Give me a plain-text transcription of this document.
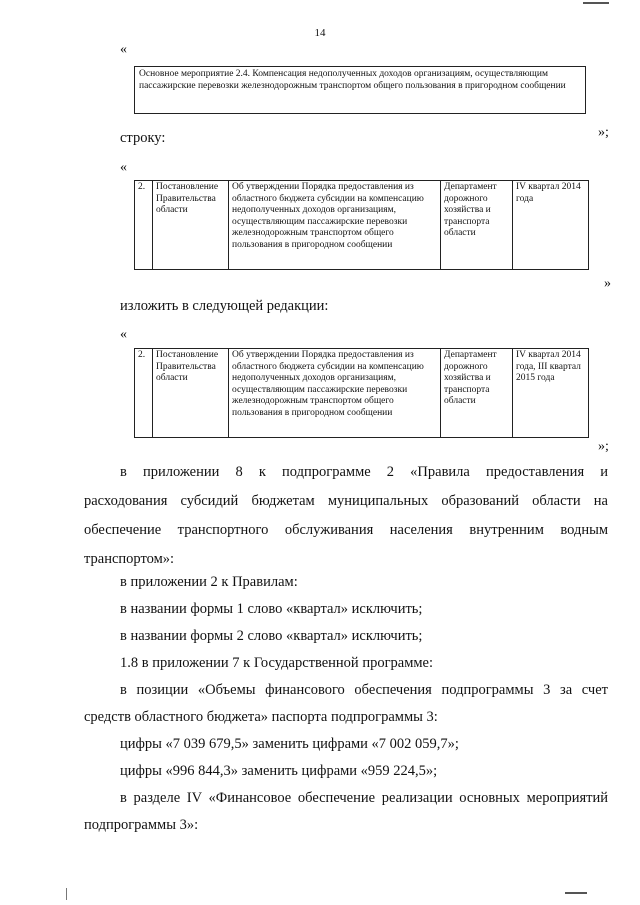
14
«
Основное мероприятие 2.4. Компенсация недополученных доходов организациям, осуществляющим пассажирские перевозки железнодорожным транспортом общего пользования в пригородном сообщении
»;
строку:
«
2.	Постановление Правительства области	Об утверждении Порядка предоставления из областного бюджета субсидии на компенсацию недополученных доходов организациям, осуществляющим пассажирские перевозки железнодорожным транспортом общего пользования в пригородном сообщении	Департамент дорожного хозяйства и транспорта области	IV квартал 2014 года
»
изложить в следующей редакции:
«
2.	Постановление Правительства области	Об утверждении Порядка предоставления из областного бюджета субсидии на компенсацию недополученных доходов организациям, осуществляющим пассажирские перевозки железнодорожным транспортом общего пользования в пригородном сообщении	Департамент дорожного хозяйства и транспорта области	IV квартал 2014 года, III квартал 2015 года
»;
в приложении 8 к подпрограмме 2 «Правила предоставления и
расходования субсидий бюджетам муниципальных образований области на
обеспечение транспортного обслуживания населения внутренним водным
транспортом»:
в приложении 2 к Правилам:
в названии формы 1 слово «квартал» исключить;
в названии формы 2 слово «квартал» исключить;
1.8 в приложении 7 к Государственной программе:
в позиции «Объемы финансового обеспечения подпрограммы 3 за счет
средств областного бюджета» паспорта подпрограммы 3:
цифры «7 039 679,5» заменить цифрами «7 002 059,7»;
цифры «996 844,3» заменить цифрами «959 224,5»;
в разделе IV «Финансовое обеспечение реализации основных мероприятий
подпрограммы 3»:
